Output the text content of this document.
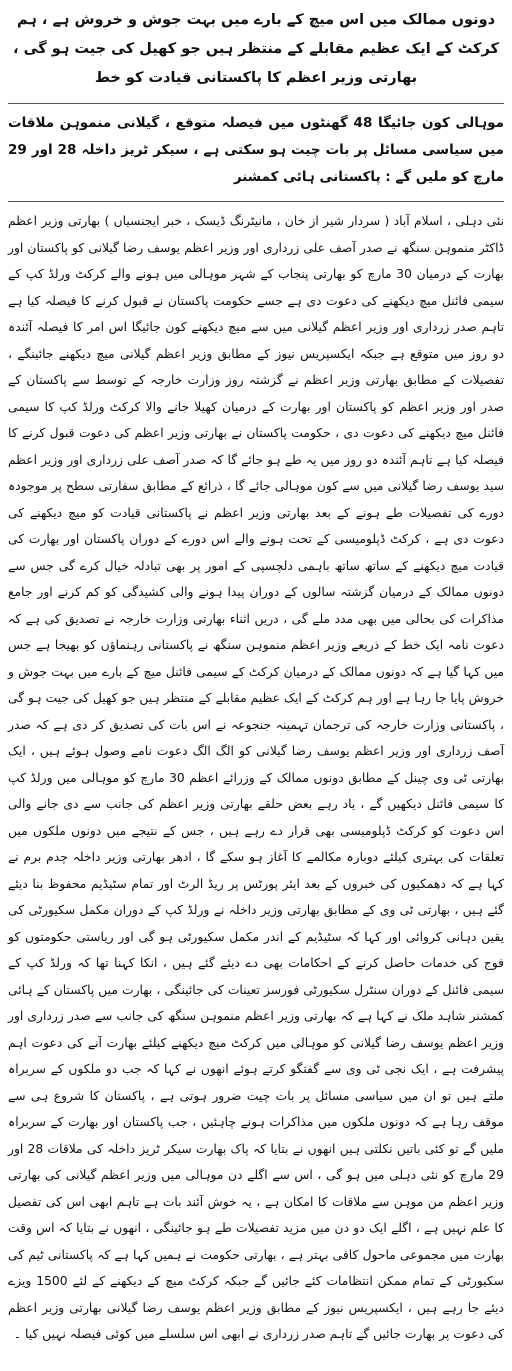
دونوں ممالک میں اس میچ کے بارے میں بہت جوش و خروش ہے ، ہم کرکٹ کے ایک عظیم مقابلے کے منتظر ہیں جو کھیل کی جیت ہو گی ، بھارتی وزیر اعظم کا پاکستانی قیادت کو خط
موہالی کون جائیگا 48 گھنٹوں میں فیصلہ متوقع ، گیلانی منموہن ملاقات میں سیاسی مسائل پر بات چیت ہو سکتی ہے ، سیکر ٹریز داخلہ 28 اور 29 مارچ کو ملیں گے : پاکستانی ہائی کمشنر

نئی دہلی ، اسلام آباد ( سردار شیر از خان ، مانیٹرنگ ڈیسک ، خبر ایجنسیاں ) بھارتی وزیر اعظم ڈاکٹر منموہن سنگھ نے صدر آصف علی زرداری اور وزیر اعظم یوسف رضا گیلانی کو پاکستان اور بھارت کے درمیان 30 مارچ کو بھارتی پنجاب کے شہر موہالی میں ہونے والے کرکٹ ورلڈ کپ کے سیمی فائنل میچ دیکھنے کی دعوت دی ہے جسے حکومت پاکستان نے قبول کرنے کا فیصلہ کیا ہے تاہم صدر زرداری اور وزیر اعظم گیلانی میں سے میچ دیکھنے کون جائیگا اس امر کا فیصلہ آئندہ دو روز میں متوقع ہے جبکہ ایکسپریس نیوز کے مطابق وزیر اعظم گیلانی میچ دیکھنے جائینگے ، تفصیلات کے مطابق بھارتی وزیر اعظم نے گزشتہ روز وزارت خارجہ کے توسط سے پاکستان کے صدر اور وزیر اعظم کو پاکستان اور بھارت کے درمیان کھیلا جانے والا کرکٹ ورلڈ کپ کا سیمی فائنل میچ دیکھنے کی دعوت دی ، حکومت پاکستان نے بھارتی وزیر اعظم کی دعوت قبول کرنے کا فیصلہ کیا ہے تاہم آئندہ دو روز میں یہ طے ہو جائے گا کہ صدر آصف علی زرداری اور وزیر اعظم سید یوسف رضا گیلانی میں سے کون موہالی جائے گا ، ذرائع کے مطابق سفارتی سطح پر موجودہ دورے کی تفصیلات طے ہونے کے بعد بھارتی وزیر اعظم نے پاکستانی قیادت کو میچ دیکھنے کی دعوت دی ہے ، کرکٹ ڈپلومیسی کے تحت ہونے والے اس دورے کے دوران پاکستان اور بھارت کی قیادت میچ دیکھنے کے ساتھ ساتھ باہمی دلچسپی کے امور پر بھی تبادلہ خیال کرے گی جس سے دونوں ممالک کے درمیان گزشتہ سالوں کے دوران پیدا ہونے والی کشیدگی کو کم کرنے اور جامع مذاکرات کی بحالی میں بھی مدد ملے گی ، دریں اثناء بھارتی وزارت خارجہ نے تصدیق کی ہے کہ دعوت نامہ ایک خط کے ذریعے وزیر اعظم منموہن سنگھ نے پاکستانی رہنماؤں کو بھیجا ہے جس میں کہا گیا ہے کہ دونوں ممالک کے درمیان کرکٹ کے سیمی فائنل میچ کے بارے میں بہت جوش و خروش پایا جا رہا ہے اور ہم کرکٹ کے ایک عظیم مقابلے کے منتظر ہیں جو کھیل کی جیت ہو گی ، پاکستانی وزارت خارجہ کی ترجمان تہمینہ جنجوعہ نے اس بات کی تصدیق کر دی ہے کہ صدر آصف زرداری اور وزیر اعظم یوسف رضا گیلانی کو الگ الگ دعوت نامے وصول ہوئے ہیں ، ایک بھارتی ٹی وی چینل کے مطابق دونوں ممالک کے وزرائے اعظم 30 مارچ کو موہالی میں ورلڈ کپ کا سیمی فائنل دیکھیں گے ، یاد رہے بعض حلقے بھارتی وزیر اعظم کی جانب سے دی جانے والی اس دعوت کو کرکٹ ڈپلومیسی بھی قرار دے رہے ہیں ، جس کے نتیجے میں دونوں ملکوں میں تعلقات کی بہتری کیلئے دوبارہ مکالمے کا آغاز ہو سکے گا ، ادھر بھارتی وزیر داخلہ چدم برم نے کہا ہے کہ دھمکیوں کی خبروں کے بعد ایئر پورٹس پر ریڈ الرٹ اور تمام سٹیڈیم محفوظ بنا دیئے گئے ہیں ، بھارتی ٹی وی کے مطابق بھارتی وزیر داخلہ نے ورلڈ کپ کے دوران مکمل سکیورٹی کی یقین دہانی کروائی اور کہا کہ سٹیڈیم کے اندر مکمل سکیورٹی ہو گی اور ریاستی حکومتوں کو فوج کی خدمات حاصل کرنے کے احکامات بھی دے دیئے گئے ہیں ، انکا کہنا تھا کہ ورلڈ کپ کے سیمی فائنل کے دوران سنٹرل سکیورٹی فورسز تعینات کی جائینگی ، بھارت میں پاکستان کے ہائی کمشنر شاہد ملک نے کہا ہے کہ بھارتی وزیر اعظم منموہن سنگھ کی جانب سے صدر زرداری اور وزیر اعظم یوسف رضا گیلانی کو موہالی میں کرکٹ میچ دیکھنے کیلئے بھارت آنے کی دعوت اہم پیشرفت ہے ، ایک نجی ٹی وی سے گفتگو کرتے ہوئے انھوں نے کہا کہ جب دو ملکوں کے سربراہ ملتے ہیں تو ان میں سیاسی مسائل پر بات چیت ضرور ہوتی ہے ، پاکستان کا شروع ہی سے موقف رہا ہے کہ دونوں ملکوں میں مذاکرات ہونے چاہئیں ، جب پاکستان اور بھارت کے سربراہ ملیں گے تو کئی باتیں نکلتی ہیں انھوں نے بتایا کہ پاک بھارت سیکر ٹریز داخلہ کی ملاقات 28 اور 29 مارچ کو نئی دہلی میں ہو گی ، اس سے اگلے دن موہالی میں وزیر اعظم گیلانی کی بھارتی وزیر اعظم من موہن سے ملاقات کا امکان ہے ، یہ خوش آئند بات ہے تاہم ابھی اس کی تفصیل کا علم نہیں ہے ، اگلے ایک دو دن میں مزید تفصیلات طے ہو جائینگی ، انھوں نے بتایا کہ اس وقت بھارت میں مجموعی ماحول کافی بہتر ہے ، بھارتی حکومت نے ہمیں کہا ہے کہ پاکستانی ٹیم کی سکیورٹی کے تمام ممکن انتظامات کئے جائیں گے جبکہ کرکٹ میچ کے دیکھنے کے لئے 1500 ویزے دیئے جا رہے ہیں ، ایکسپریس نیوز کے مطابق وزیر اعظم یوسف رضا گیلانی بھارتی وزیر اعظم کی دعوت پر بھارت جائیں گے تاہم صدر زرداری نے ابھی اس سلسلے میں کوئی فیصلہ نہیں کیا ۔
